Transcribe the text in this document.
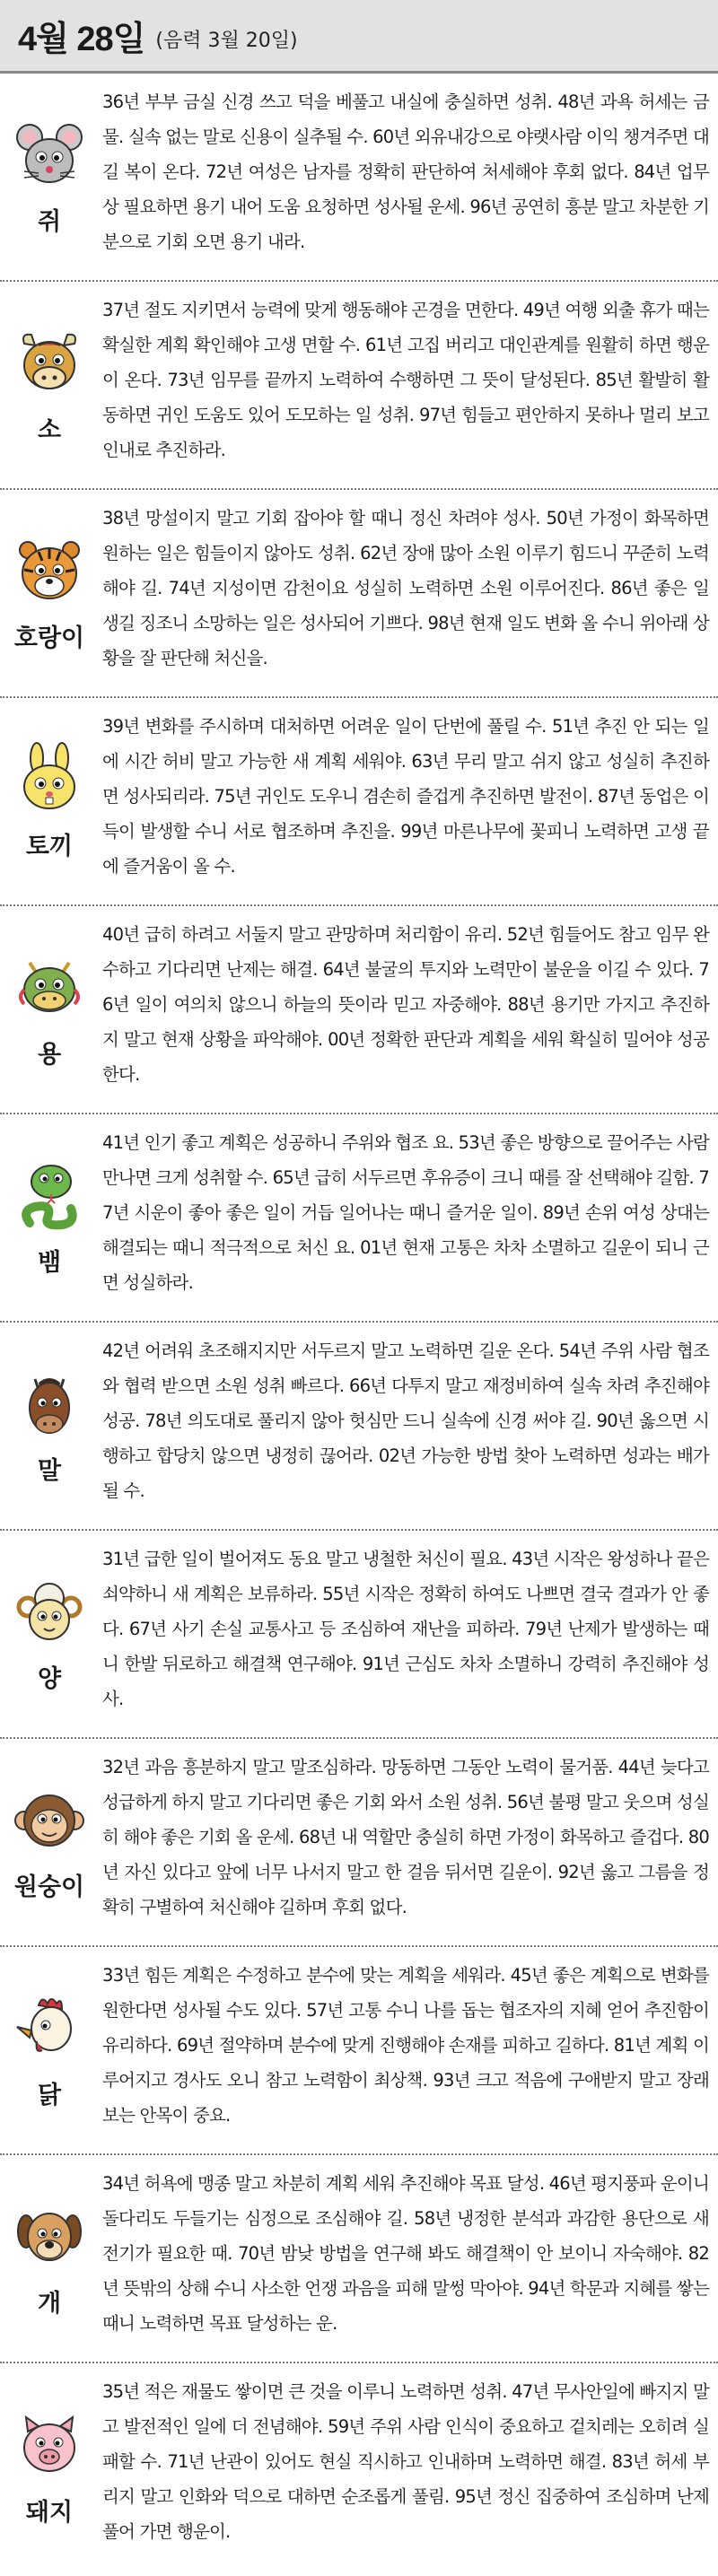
4월 28일 (음력 3월 20일)
쥐
36년 부부 금실 신경 쓰고 덕을 베풀고 내실에 충실하면 성취. 48년 과욕 허세는 금물. 실속 없는 말로 신용이 실추될 수. 60년 외유내강으로 야랫사람 이익 챙겨주면 대길 복이 온다. 72년 여성은 남자를 정확히 판단하여 처세해야 후회 없다. 84년 업무상 필요하면 용기 내어 도움 요청하면 성사될 운세. 96년 공연히 흥분 말고 차분한 기분으로 기회 오면 용기 내라.
소
37년 절도 지키면서 능력에 맞게 행동해야 곤경을 면한다. 49년 여행 외출 휴가 때는 확실한 계획 확인해야 고생 면할 수. 61년 고집 버리고 대인관계를 원활히 하면 행운이 온다. 73년 임무를 끝까지 노력하여 수행하면 그 뜻이 달성된다. 85년 활발히 활동하면 귀인 도움도 있어 도모하는 일 성취. 97년 힘들고 편안하지 못하나 멀리 보고 인내로 추진하라.
호랑이
38년 망설이지 말고 기회 잡아야 할 때니 정신 차려야 성사. 50년 가정이 화목하면 원하는 일은 힘들이지 않아도 성취. 62년 장애 많아 소원 이루기 힘드니 꾸준히 노력해야 길. 74년 지성이면 감천이요 성실히 노력하면 소원 이루어진다. 86년 좋은 일 생길 징조니 소망하는 일은 성사되어 기쁘다. 98년 현재 일도 변화 올 수니 위아래 상황을 잘 판단해 처신을.
토끼
39년 변화를 주시하며 대처하면 어려운 일이 단번에 풀릴 수. 51년 추진 안 되는 일에 시간 허비 말고 가능한 새 계획 세워야. 63년 무리 말고 쉬지 않고 성실히 추진하면 성사되리라. 75년 귀인도 도우니 겸손히 즐겁게 추진하면 발전이. 87년 동업은 이득이 발생할 수니 서로 협조하며 추진을. 99년 마른나무에 꽃피니 노력하면 고생 끝에 즐거움이 올 수.
용
40년 급히 하려고 서둘지 말고 관망하며 처리함이 유리. 52년 힘들어도 참고 임무 완수하고 기다리면 난제는 해결. 64년 불굴의 투지와 노력만이 불운을 이길 수 있다. 76년 일이 여의치 않으니 하늘의 뜻이라 믿고 자중해야. 88년 용기만 가지고 추진하지 말고 현재 상황을 파악해야. 00년 정확한 판단과 계획을 세워 확실히 밀어야 성공한다.
뱀
41년 인기 좋고 계획은 성공하니 주위와 협조 요. 53년 좋은 방향으로 끌어주는 사람 만나면 크게 성취할 수. 65년 급히 서두르면 후유증이 크니 때를 잘 선택해야 길함. 77년 시운이 좋아 좋은 일이 거듭 일어나는 때니 즐거운 일이. 89년 손위 여성 상대는 해결되는 때니 적극적으로 처신 요. 01년 현재 고통은 차차 소멸하고 길운이 되니 근면 성실하라.
말
42년 어려워 초조해지지만 서두르지 말고 노력하면 길운 온다. 54년 주위 사람 협조와 협력 받으면 소원 성취 빠르다. 66년 다투지 말고 재정비하여 실속 차려 추진해야 성공. 78년 의도대로 풀리지 않아 헛심만 드니 실속에 신경 써야 길. 90년 옳으면 시행하고 합당치 않으면 냉정히 끊어라. 02년 가능한 방법 찾아 노력하면 성과는 배가될 수.
양
31년 급한 일이 벌어져도 동요 말고 냉철한 처신이 필요. 43년 시작은 왕성하나 끝은 쇠약하니 새 계획은 보류하라. 55년 시작은 정확히 하여도 나쁘면 결국 결과가 안 좋다. 67년 사기 손실 교통사고 등 조심하여 재난을 피하라. 79년 난제가 발생하는 때니 한발 뒤로하고 해결책 연구해야. 91년 근심도 차차 소멸하니 강력히 추진해야 성사.
원숭이
32년 과음 흥분하지 말고 말조심하라. 망동하면 그동안 노력이 물거품. 44년 늦다고 성급하게 하지 말고 기다리면 좋은 기회 와서 소원 성취. 56년 불평 말고 웃으며 성실히 해야 좋은 기회 올 운세. 68년 내 역할만 충실히 하면 가정이 화목하고 즐겁다. 80년 자신 있다고 앞에 너무 나서지 말고 한 걸음 뒤서면 길운이. 92년 옳고 그름을 정확히 구별하여 처신해야 길하며 후회 없다.
닭
33년 힘든 계획은 수정하고 분수에 맞는 계획을 세워라. 45년 좋은 계획으로 변화를 원한다면 성사될 수도 있다. 57년 고통 수니 나를 돕는 협조자의 지혜 얻어 추진함이 유리하다. 69년 절약하며 분수에 맞게 진행해야 손재를 피하고 길하다. 81년 계획 이루어지고 경사도 오니 참고 노력함이 최상책. 93년 크고 적음에 구애받지 말고 장래 보는 안목이 중요.
개
34년 허욕에 맹종 말고 차분히 계획 세워 추진해야 목표 달성. 46년 평지풍파 운이니 돌다리도 두들기는 심정으로 조심해야 길. 58년 냉정한 분석과 과감한 용단으로 새 전기가 필요한 때. 70년 밤낮 방법을 연구해 봐도 해결책이 안 보이니 자숙해야. 82년 뜻밖의 상해 수니 사소한 언쟁 과음을 피해 말썽 막아야. 94년 학문과 지혜를 쌓는 때니 노력하면 목표 달성하는 운.
돼지
35년 적은 재물도 쌓이면 큰 것을 이루니 노력하면 성취. 47년 무사안일에 빠지지 말고 발전적인 일에 더 전념해야. 59년 주위 사람 인식이 중요하고 겉치레는 오히려 실패할 수. 71년 난관이 있어도 현실 직시하고 인내하며 노력하면 해결. 83년 허세 부리지 말고 인화와 덕으로 대하면 순조롭게 풀림. 95년 정신 집중하여 조심하며 난제 풀어 가면 행운이.
